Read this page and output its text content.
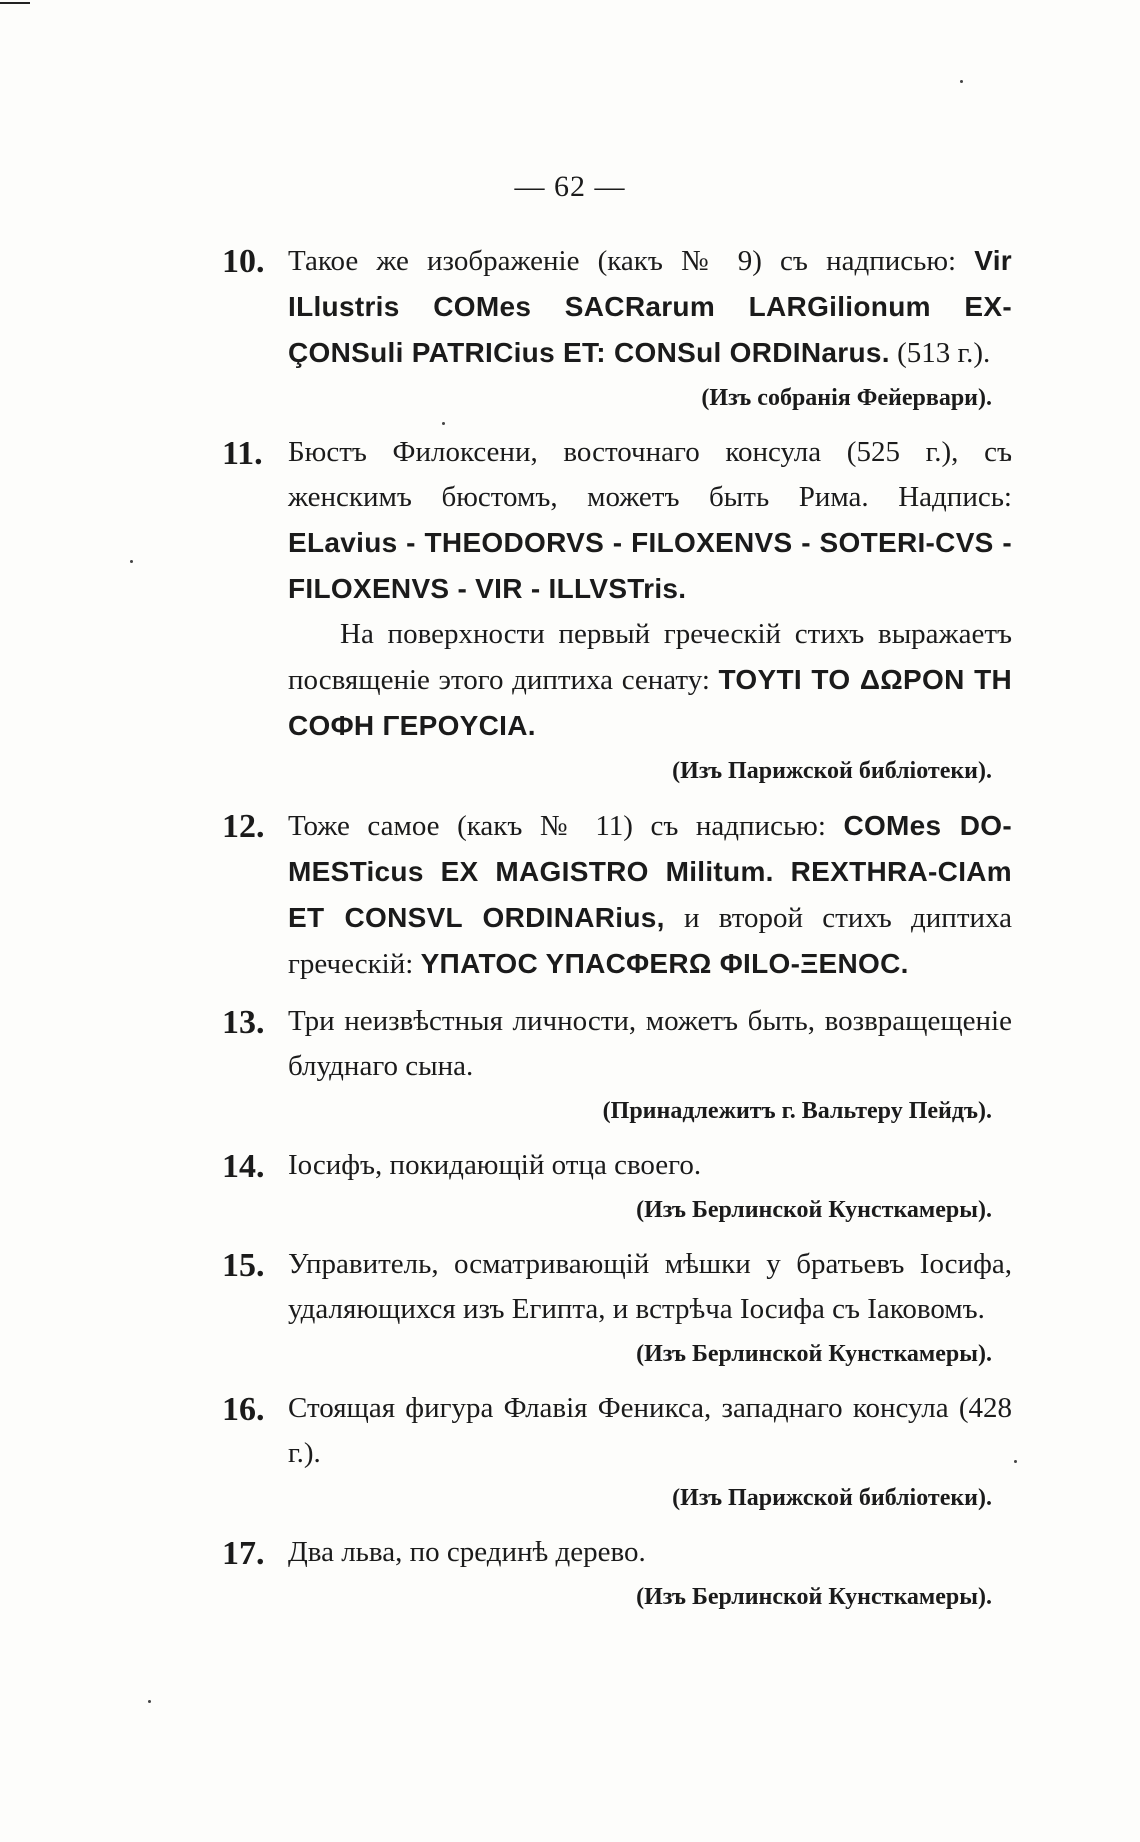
— 62 —
10. Такое же изображеніе (какъ № 9) съ надписью: Vir ILlustris COMes SACRarum LARGilionum EX-ÇONSuli PATRICius ET: CONSul ORDINarus. (513 г.).

(Изъ собранія Фейервари).

11. Бюстъ Филоксени, восточнаго консула (525 г.), съ женскимъ бюстомъ, можетъ быть Рима. Надпись: ELavius - THEODORVS - FILOXENVS - SOTERI-CVS - FILOXENVS - VIR - ILLVSTris.

На поверхности первый греческій стихъ выражаетъ посвященіе этого диптиха сенату: TOYTI TO ΔΩPON TH COΦH ΓEPOYCIA.

(Изъ Парижской библіотеки).

12. Тоже самое (какъ № 11) съ надписью: COMes DO-MESTicus EX MAGISTRO Militum. REXTHRA-CIAm ET CONSVL ORDINARius, и второй стихъ диптиха греческій: YΠATOC YΠACΦERΩ ΦILO-ΞENOC.

13. Три неизвѣстныя личности, можетъ быть, возвращещеніе блуднаго сына.

(Принадлежитъ г. Вальтеру Пейдъ).

14. Іосифъ, покидающій отца своего.

(Изъ Берлинской Кунсткамеры).

15. Управитель, осматривающій мѣшки у братьевъ Іосифа, удаляющихся изъ Египта, и встрѣча Іосифа съ Іаковомъ.

(Изъ Берлинской Кунсткамеры).

16. Стоящая фигура Флавія Феникса, западнаго консула (428 г.).

(Изъ Парижской библіотеки).

17. Два льва, по срединѣ дерево.

(Изъ Берлинской Кунсткамеры).
